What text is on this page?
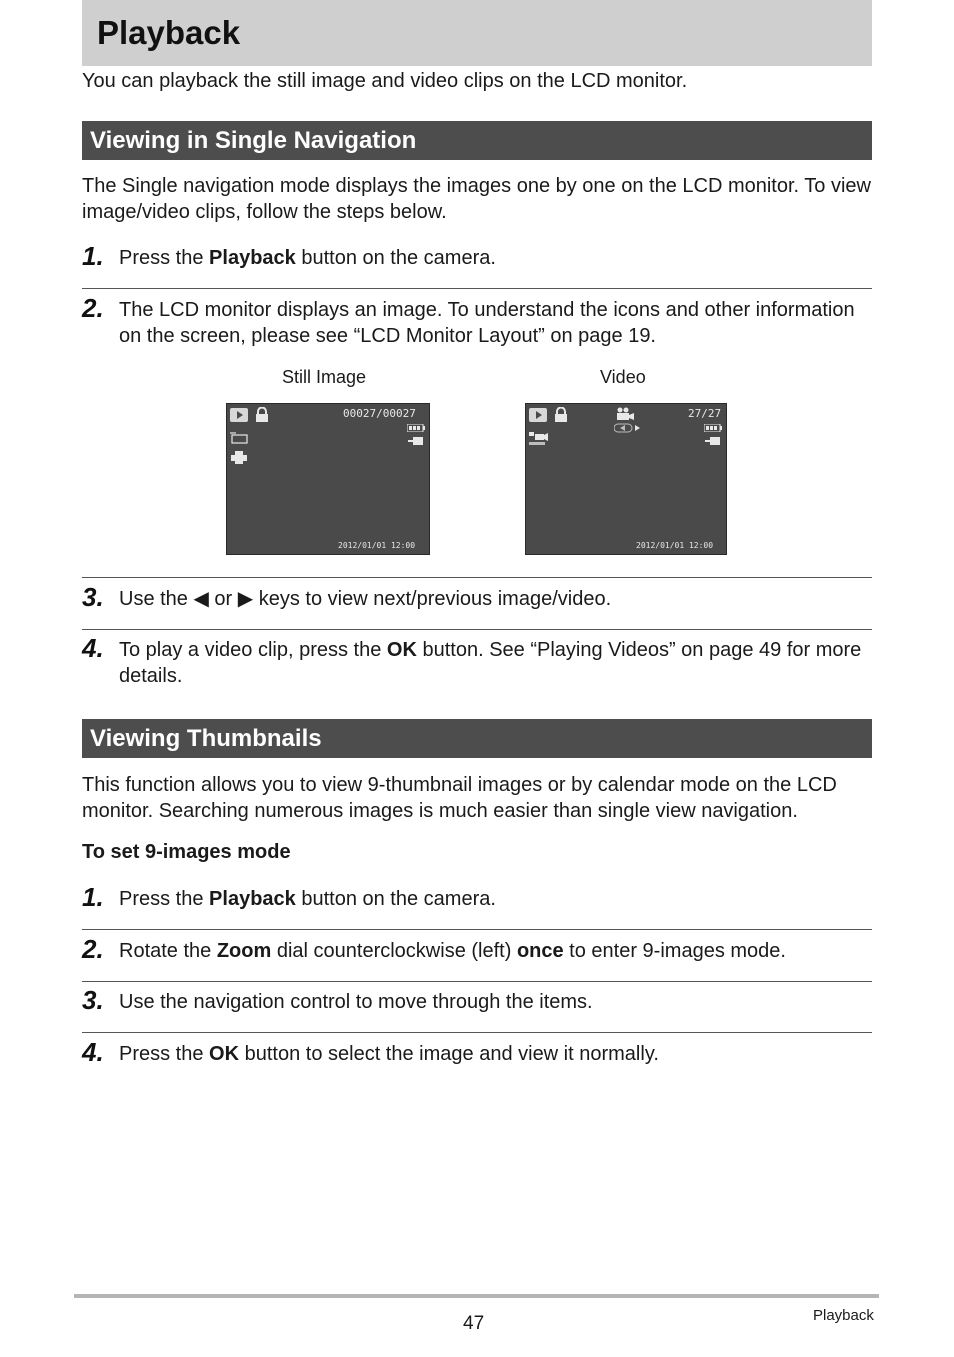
Playback
You can playback the still image and video clips on the LCD monitor.
Viewing in Single Navigation
The Single navigation mode displays the images one by one on the LCD monitor. To view image/video clips, follow the steps below.
1. Press the Playback button on the camera.
2. The LCD monitor displays an image. To understand the icons and other information on the screen, please see “LCD Monitor Layout” on page 19.
Still Image	Video
00027/00027
2012/01/01 12:00
27/27
2012/01/01 12:00
3. Use the ◀ or ▶ keys to view next/previous image/video.
4. To play a video clip, press the OK button. See “Playing Videos” on page 49 for more details.
Viewing Thumbnails
This function allows you to view 9-thumbnail images or by calendar mode on the LCD monitor. Searching numerous images is much easier than single view navigation.
To set 9-images mode
1. Press the Playback button on the camera.
2. Rotate the Zoom dial counterclockwise (left) once to enter 9-images mode.
3. Use the navigation control to move through the items.
4. Press the OK button to select the image and view it normally.
47	Playback
